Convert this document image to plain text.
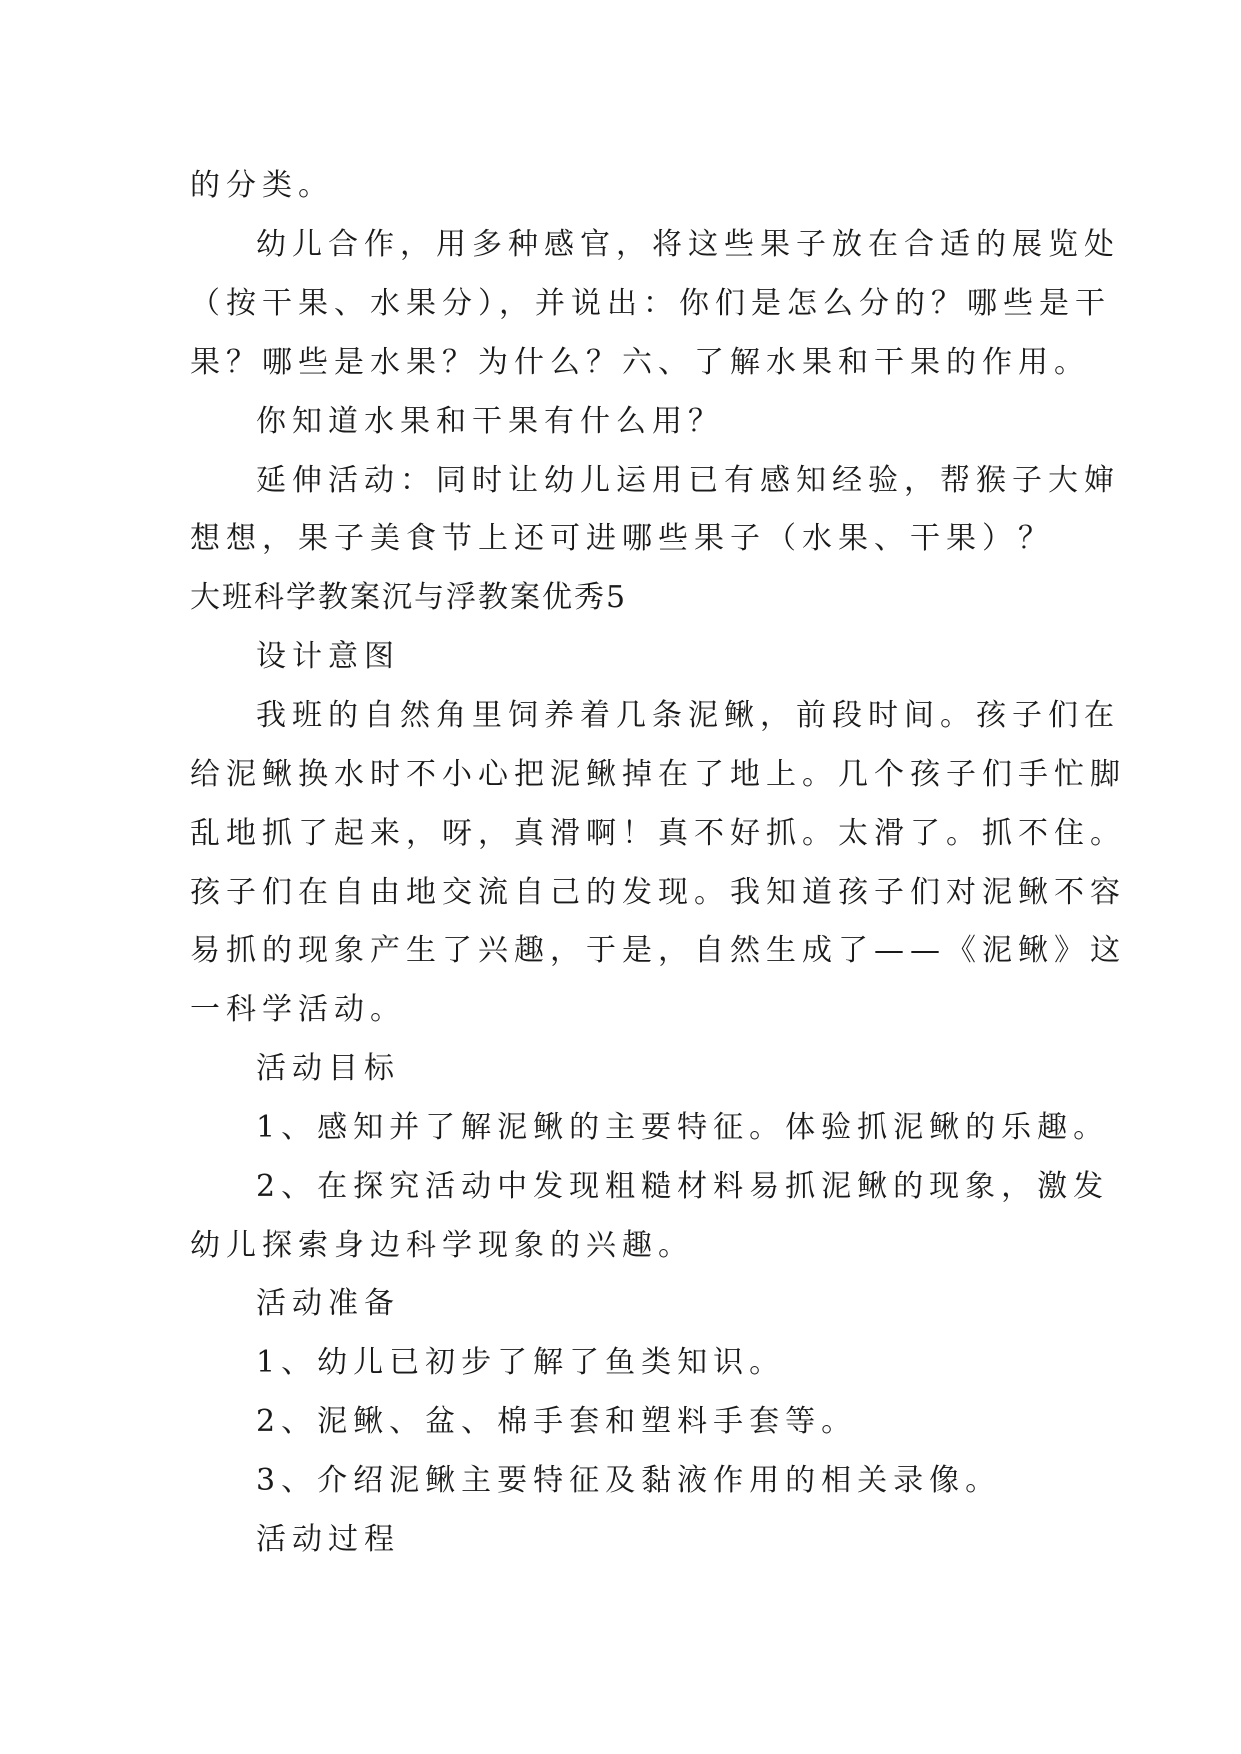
的分类。
幼儿合作，用多种感官，将这些果子放在合适的展览处
（按干果、水果分），并说出：你们是怎么分的？哪些是干
果？哪些是水果？为什么？六、了解水果和干果的作用。
你知道水果和干果有什么用？
延伸活动：同时让幼儿运用已有感知经验，帮猴子大婶
想想，果子美食节上还可进哪些果子（水果、干果）？
大班科学教案沉与浮教案优秀5
设计意图
我班的自然角里饲养着几条泥鳅，前段时间。孩子们在
给泥鳅换水时不小心把泥鳅掉在了地上。几个孩子们手忙脚
乱地抓了起来，呀，真滑啊！真不好抓。太滑了。抓不住。
孩子们在自由地交流自己的发现。我知道孩子们对泥鳅不容
易抓的现象产生了兴趣，于是，自然生成了——《泥鳅》这
一科学活动。
活动目标
1、感知并了解泥鳅的主要特征。体验抓泥鳅的乐趣。
2、在探究活动中发现粗糙材料易抓泥鳅的现象，激发
幼儿探索身边科学现象的兴趣。
活动准备
1、幼儿已初步了解了鱼类知识。
2、泥鳅、盆、棉手套和塑料手套等。
3、介绍泥鳅主要特征及黏液作用的相关录像。
活动过程
